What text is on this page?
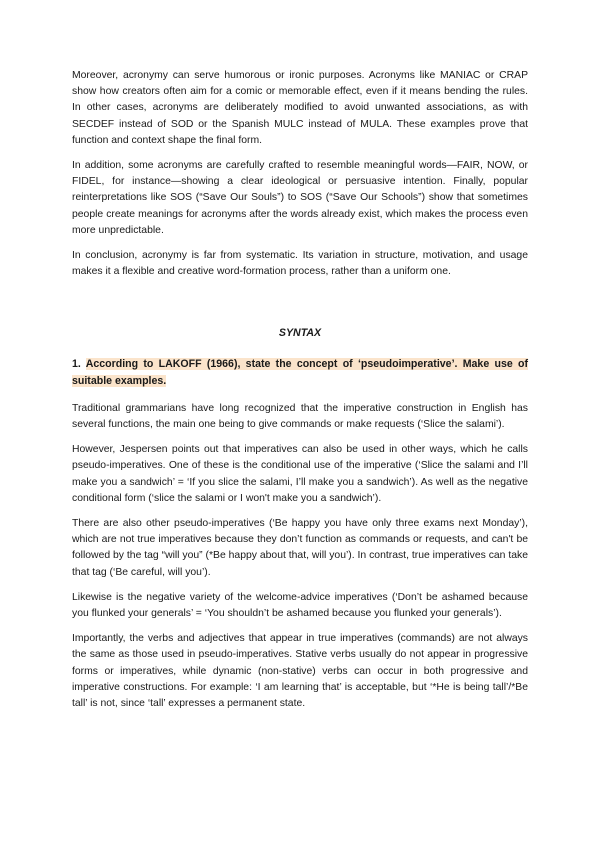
Moreover, acronymy can serve humorous or ironic purposes. Acronyms like MANIAC or CRAP show how creators often aim for a comic or memorable effect, even if it means bending the rules. In other cases, acronyms are deliberately modified to avoid unwanted associations, as with SECDEF instead of SOD or the Spanish MULC instead of MULA. These examples prove that function and context shape the final form.

In addition, some acronyms are carefully crafted to resemble meaningful words—FAIR, NOW, or FIDEL, for instance—showing a clear ideological or persuasive intention. Finally, popular reinterpretations like SOS (“Save Our Souls”) to SOS (“Save Our Schools”) show that sometimes people create meanings for acronyms after the words already exist, which makes the process even more unpredictable.

In conclusion, acronymy is far from systematic. Its variation in structure, motivation, and usage makes it a flexible and creative word-formation process, rather than a uniform one.

SYNTAX

1. According to LAKOFF (1966), state the concept of ‘pseudoimperative’. Make use of suitable examples.

Traditional grammarians have long recognized that the imperative construction in English has several functions, the main one being to give commands or make requests (‘Slice the salami’).

However, Jespersen points out that imperatives can also be used in other ways, which he calls pseudo-imperatives. One of these is the conditional use of the imperative (‘Slice the salami and I’ll make you a sandwich’ = ‘If you slice the salami, I’ll make you a sandwich’). As well as the negative conditional form (‘slice the salami or I won't make you a sandwich’).

There are also other pseudo-imperatives (‘Be happy you have only three exams next Monday’), which are not true imperatives because they don’t function as commands or requests, and can't be followed by the tag “will you” (*Be happy about that, will you’). In contrast, true imperatives can take that tag (‘Be careful, will you’).

Likewise is the negative variety of the welcome-advice imperatives (‘Don’t be ashamed because you flunked your generals’ = ‘You shouldn’t be ashamed because you flunked your generals’).

Importantly, the verbs and adjectives that appear in true imperatives (commands) are not always the same as those used in pseudo-imperatives. Stative verbs usually do not appear in progressive forms or imperatives, while dynamic (non-stative) verbs can occur in both progressive and imperative constructions. For example: ‘I am learning that’ is acceptable, but ‘*He is being tall’/*Be tall’ is not, since ‘tall’ expresses a permanent state.
